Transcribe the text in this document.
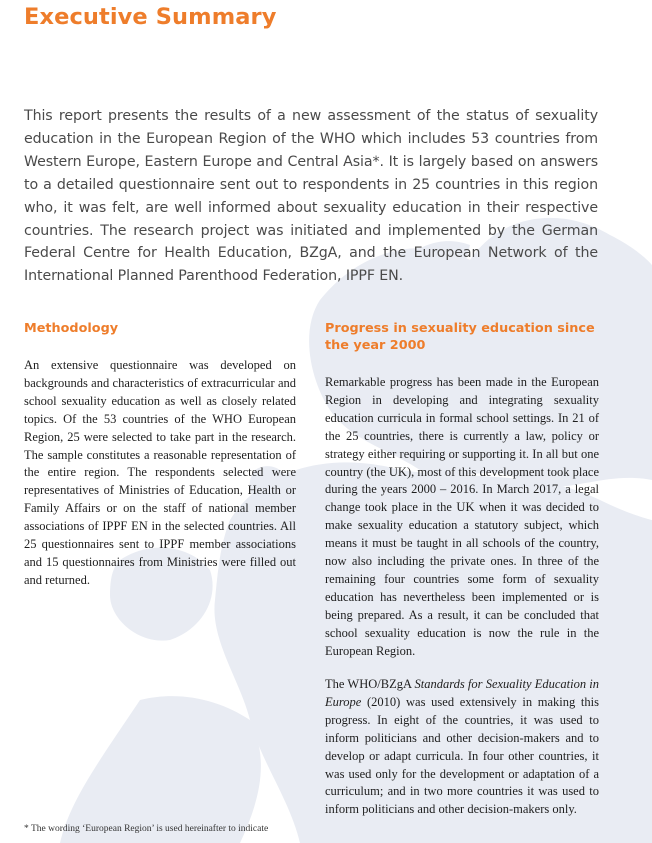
Executive Summary

This report presents the results of a new assessment of the status of sexuality education in the European Region of the WHO which includes 53 countries from Western Europe, Eastern Europe and Central Asia*. It is largely based on answers to a detailed questionnaire sent out to respondents in 25 countries in this region who, it was felt, are well informed about sexuality education in their respective countries. The research project was initiated and implemented by the German Federal Centre for Health Education, BZgA, and the European Network of the International Planned Parenthood Federation, IPPF EN.

Methodology

An extensive questionnaire was developed on backgrounds and characteristics of extracurricular and school sexuality education as well as closely related topics. Of the 53 countries of the WHO European Region, 25 were selected to take part in the research. The sample constitutes a reasonable representation of the entire region. The respondents selected were representatives of Ministries of Education, Health or Family Affairs or on the staff of national member associations of IPPF EN in the selected countries. All 25 questionnaires sent to IPPF member associations and 15 questionnaires from Ministries were filled out and returned.

Progress in sexuality education since the year 2000

Remarkable progress has been made in the European Region in developing and integrating sexuality education curricula in formal school settings. In 21 of the 25 countries, there is currently a law, policy or strategy either requiring or supporting it. In all but one country (the UK), most of this development took place during the years 2000 – 2016. In March 2017, a legal change took place in the UK when it was decided to make sexuality education a statutory subject, which means it must be taught in all schools of the country, now also including the private ones. In three of the remaining four countries some form of sexuality education has nevertheless been implemented or is being prepared. As a result, it can be concluded that school sexuality education is now the rule in the European Region.

The WHO/BZgA Standards for Sexuality Education in Europe (2010) was used extensively in making this progress. In eight of the countries, it was used to inform politicians and other decision-makers and to develop or adapt curricula. In four other countries, it was used only for the development or adaptation of a curriculum; and in two more countries it was used to inform politicians and other decision-makers only.

* The wording ‘European Region’ is used hereinafter to indicate
